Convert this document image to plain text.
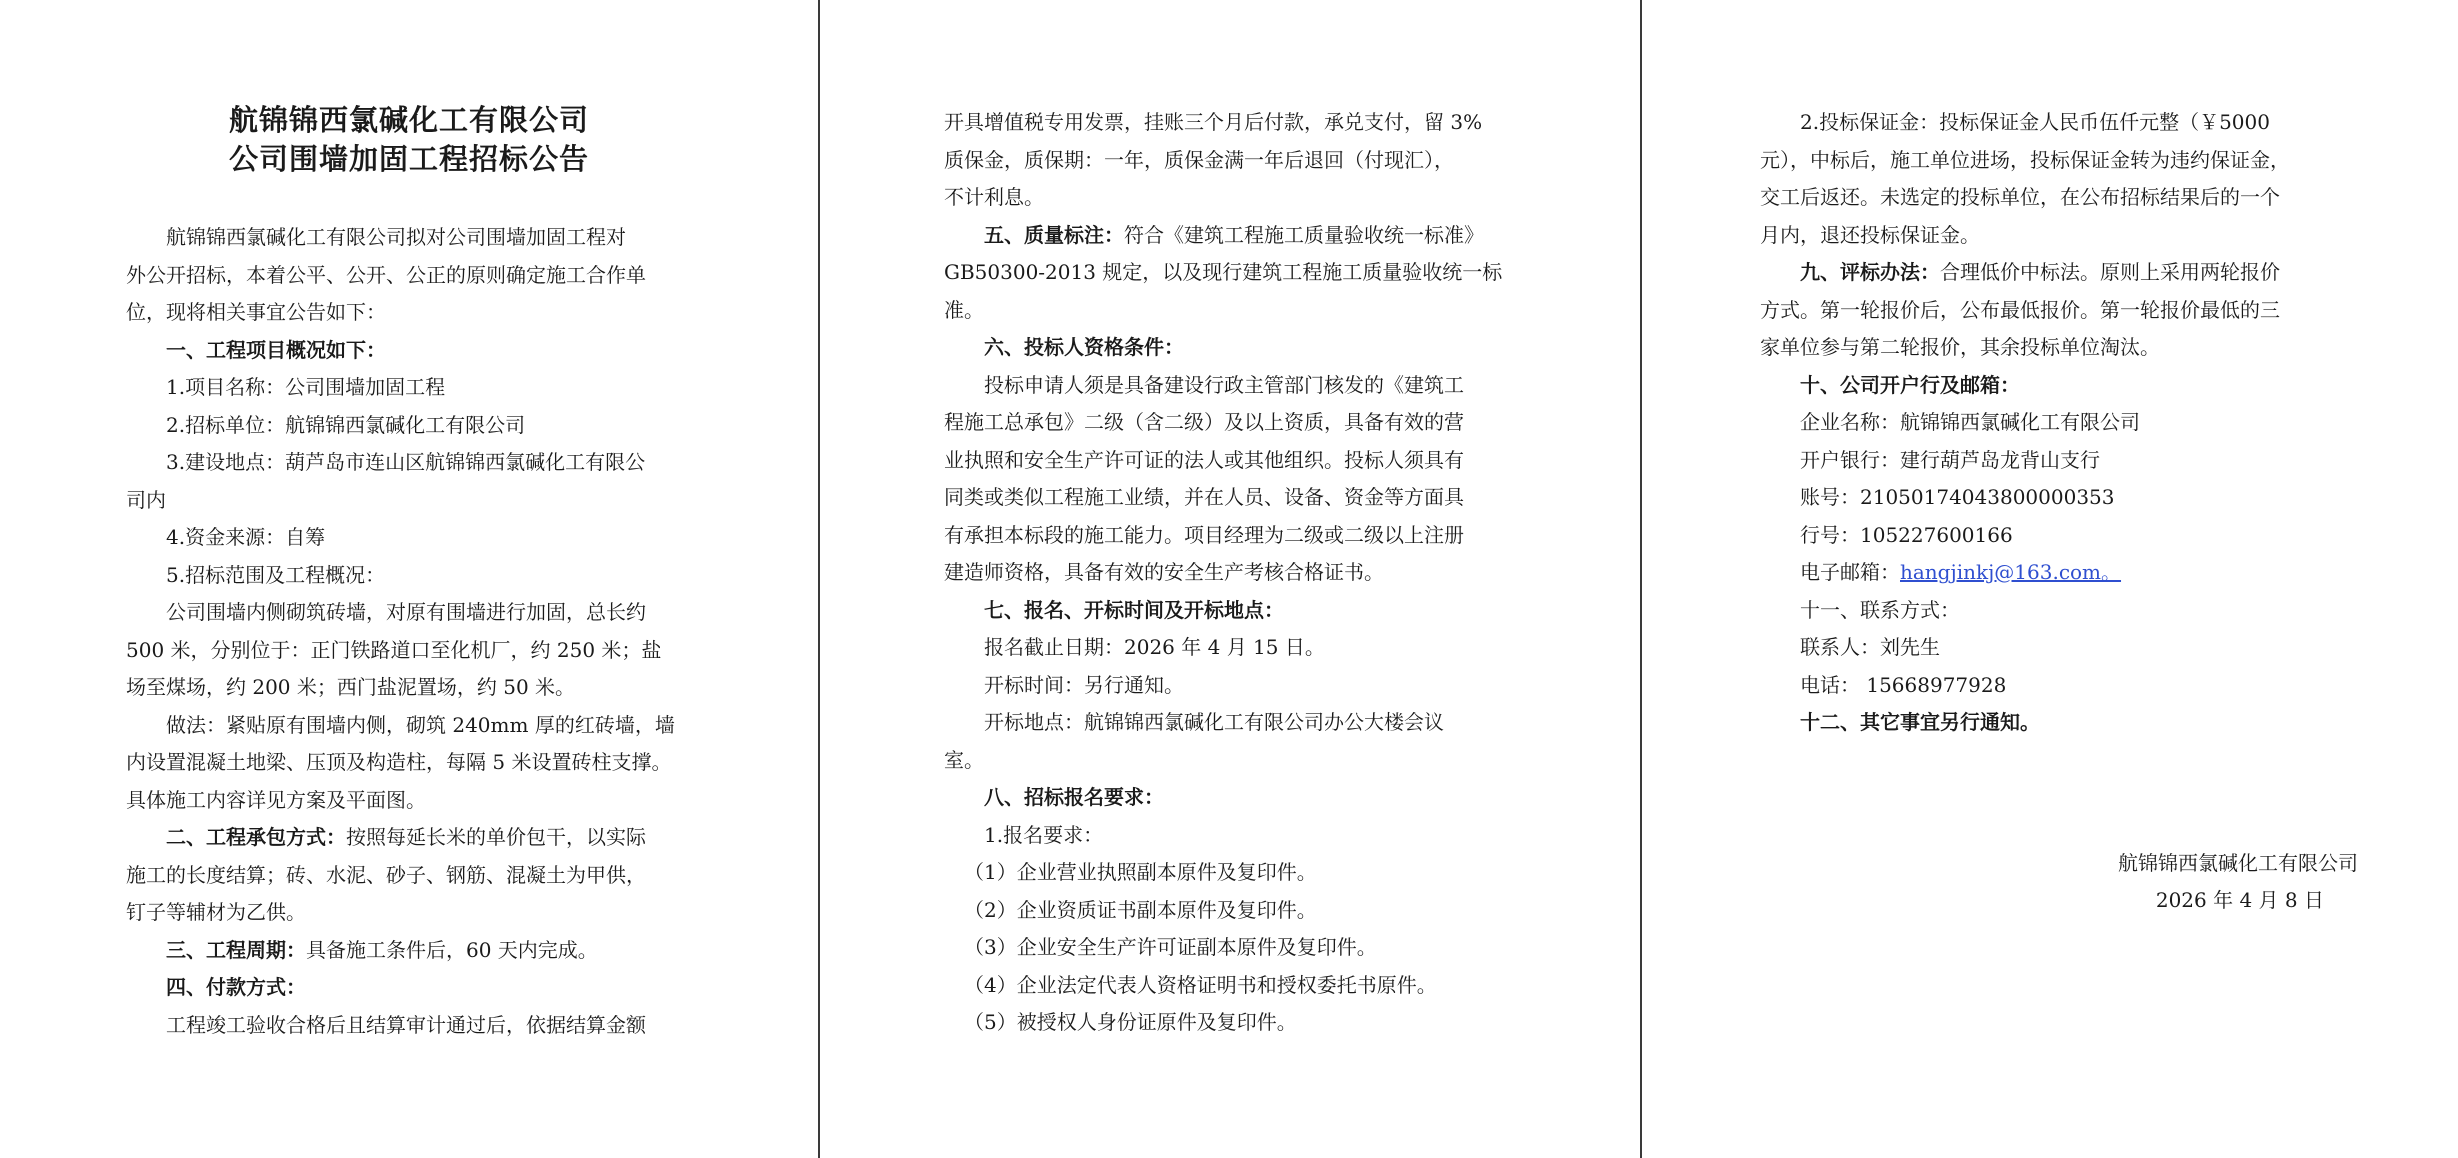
航锦锦西氯碱化工有限公司
公司围墙加固工程招标公告
航锦锦西氯碱化工有限公司拟对公司围墙加固工程对
外公开招标，本着公平、公开、公正的原则确定施工合作单
位，现将相关事宜公告如下：
一、工程项目概况如下：
1.项目名称：公司围墙加固工程
2.招标单位：航锦锦西氯碱化工有限公司
3.建设地点：葫芦岛市连山区航锦锦西氯碱化工有限公
司内
4.资金来源：自筹
5.招标范围及工程概况：
公司围墙内侧砌筑砖墙，对原有围墙进行加固，总长约
500 米，分别位于：正门铁路道口至化机厂，约 250 米；盐
场至煤场，约 200 米；西门盐泥置场，约 50 米。
做法：紧贴原有围墙内侧，砌筑 240mm 厚的红砖墙，墙
内设置混凝土地梁、压顶及构造柱，每隔 5 米设置砖柱支撑。
具体施工内容详见方案及平面图。
二、工程承包方式：按照每延长米的单价包干，以实际
施工的长度结算；砖、水泥、砂子、钢筋、混凝土为甲供，
钉子等辅材为乙供。
三、工程周期：具备施工条件后，60 天内完成。
四、付款方式：
工程竣工验收合格后且结算审计通过后，依据结算金额
开具增值税专用发票，挂账三个月后付款，承兑支付，留 3%
质保金，质保期：一年，质保金满一年后退回（付现汇），
不计利息。
五、质量标注：符合《建筑工程施工质量验收统一标准》
GB50300-2013 规定，以及现行建筑工程施工质量验收统一标
准。
六、投标人资格条件：
投标申请人须是具备建设行政主管部门核发的《建筑工
程施工总承包》二级（含二级）及以上资质，具备有效的营
业执照和安全生产许可证的法人或其他组织。投标人须具有
同类或类似工程施工业绩，并在人员、设备、资金等方面具
有承担本标段的施工能力。项目经理为二级或二级以上注册
建造师资格，具备有效的安全生产考核合格证书。
七、报名、开标时间及开标地点：
报名截止日期：2026 年 4 月 15 日。
开标时间：另行通知。
开标地点：航锦锦西氯碱化工有限公司办公大楼会议
室。
八、招标报名要求：
1.报名要求：
（1）企业营业执照副本原件及复印件。
（2）企业资质证书副本原件及复印件。
（3）企业安全生产许可证副本原件及复印件。
（4）企业法定代表人资格证明书和授权委托书原件。
（5）被授权人身份证原件及复印件。
2.投标保证金：投标保证金人民币伍仟元整（￥5000
元），中标后，施工单位进场，投标保证金转为违约保证金，
交工后返还。未选定的投标单位，在公布招标结果后的一个
月内，退还投标保证金。
九、评标办法：合理低价中标法。原则上采用两轮报价
方式。第一轮报价后，公布最低报价。第一轮报价最低的三
家单位参与第二轮报价，其余投标单位淘汰。
十、公司开户行及邮箱：
企业名称：航锦锦西氯碱化工有限公司
开户银行：建行葫芦岛龙背山支行
账号：21050174043800000353
行号：105227600166
电子邮箱：hangjinkj@163.com。
十一、联系方式：
联系人：刘先生
电话： 15668977928
十二、其它事宜另行通知。
航锦锦西氯碱化工有限公司
2026 年 4 月 8 日
